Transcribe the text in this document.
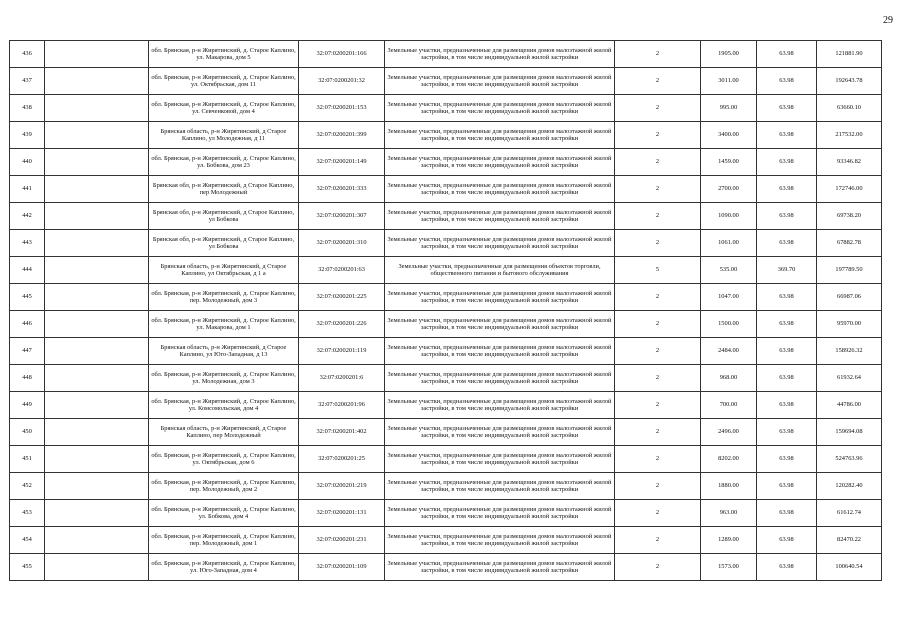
29
436		обл. Брянская, р-н Жирятинский, д. Старое Каплино, ул. Макарова, дом 5	32:07:0200201:166	Земельные участки, предназначенные для размещения домов малоэтажной жилой застройки, в том числе индивидуальной жилой застройки	2	1905.00	63.98	121881.90
437		обл. Брянская, р-н Жирятинский, д. Старое Каплино, ул. Октябрьская, дом 11	32:07:0200201:32	Земельные участки, предназначенные для размещения домов малоэтажной жилой застройки, в том числе индивидуальной жилой застройки	2	3011.00	63.98	192643.78
438		обл. Брянская, р-н Жирятинский, д. Старое Каплино, ул. Севченковой, дом 4	32:07:0200201:153	Земельные участки, предназначенные для размещения домов малоэтажной жилой застройки, в том числе индивидуальной жилой застройки	2	995.00	63.98	63660.10
439		Брянская область, р-н Жирятинский, д Старое Каплино, ул Молодежная, д 11	32:07:0200201:399	Земельные участки, предназначенные для размещения домов малоэтажной жилой застройки, в том числе индивидуальной жилой застройки	2	3400.00	63.98	217532.00
440		обл. Брянская, р-н Жирятинский, д. Старое Каплино, ул. Бобкова, дом 23	32:07:0200201:149	Земельные участки, предназначенные для размещения домов малоэтажной жилой застройки, в том числе индивидуальной жилой застройки	2	1459.00	63.98	93346.82
441		Брянская обл, р-н Жирятинский, д Старое Каплино, пер Молодежный	32:07:0200201:333	Земельные участки, предназначенные для размещения домов малоэтажной жилой застройки, в том числе индивидуальной жилой застройки	2	2700.00	63.98	172746.00
442		Брянская обл, р-н Жирятинский, д Старое Каплино, ул Бобкова	32:07:0200201:307	Земельные участки, предназначенные для размещения домов малоэтажной жилой застройки, в том числе индивидуальной жилой застройки	2	1090.00	63.98	69738.20
443		Брянская обл, р-н Жирятинский, д Старое Каплино, ул Бобкова	32:07:0200201:310	Земельные участки, предназначенные для размещения домов малоэтажной жилой застройки, в том числе индивидуальной жилой застройки	2	1061.00	63.98	67882.78
444		Брянская область, р-н Жирятинский, д Старое Каплино, ул Октябрьская, д 1 а	32:07:0200201:63	Земельные участки, предназначенные для размещения объектов торговли, общественного питания и бытового обслуживания	5	535.00	369.70	197789.50
445		обл. Брянская, р-н Жирятинский, д. Старое Каплино, пер. Молодежный, дом 3	32:07:0200201:225	Земельные участки, предназначенные для размещения домов малоэтажной жилой застройки, в том числе индивидуальной жилой застройки	2	1047.00	63.98	66987.06
446		обл. Брянская, р-н Жирятинский, д. Старое Каплино, ул. Макарова, дом 1	32:07:0200201:226	Земельные участки, предназначенные для размещения домов малоэтажной жилой застройки, в том числе индивидуальной жилой застройки	2	1500.00	63.98	95970.00
447		Брянская область, р-н Жирятинский, д Старое Каплино, ул Юго-Западная, д 13	32:07:0200201:119	Земельные участки, предназначенные для размещения домов малоэтажной жилой застройки, в том числе индивидуальной жилой застройки	2	2484.00	63.98	158926.32
448		обл. Брянская, р-н Жирятинский, д. Старое Каплино, ул. Молодежная, дом 3	32:07:0200201:6	Земельные участки, предназначенные для размещения домов малоэтажной жилой застройки, в том числе индивидуальной жилой застройки	2	968.00	63.98	61932.64
449		обл. Брянская, р-н Жирятинский, д. Старое Каплино, ул. Комсомольская, дом 4	32:07:0200201:96	Земельные участки, предназначенные для размещения домов малоэтажной жилой застройки, в том числе индивидуальной жилой застройки	2	700.00	63.98	44786.00
450		Брянская область, р-н Жирятинский, д Старое Каплино, пер Молодежный	32:07:0200201:402	Земельные участки, предназначенные для размещения домов малоэтажной жилой застройки, в том числе индивидуальной жилой застройки	2	2496.00	63.98	159694.08
451		обл. Брянская, р-н Жирятинский, д. Старое Каплино, ул. Октябрьская, дом 6	32:07:0200201:25	Земельные участки, предназначенные для размещения домов малоэтажной жилой застройки, в том числе индивидуальной жилой застройки	2	8202.00	63.98	524763.96
452		обл. Брянская, р-н Жирятинский, д. Старое Каплино, пер. Молодежный, дом 2	32:07:0200201:219	Земельные участки, предназначенные для размещения домов малоэтажной жилой застройки, в том числе индивидуальной жилой застройки	2	1880.00	63.98	120282.40
453		обл. Брянская, р-н Жирятинский, д. Старое Каплино, ул. Бобкова, дом 4	32:07:0200201:131	Земельные участки, предназначенные для размещения домов малоэтажной жилой застройки, в том числе индивидуальной жилой застройки	2	963.00	63.98	61612.74
454		обл. Брянская, р-н Жирятинский, д. Старое Каплино, пер. Молодежный, дом 1	32:07:0200201:231	Земельные участки, предназначенные для размещения домов малоэтажной жилой застройки, в том числе индивидуальной жилой застройки	2	1289.00	63.98	82470.22
455		обл. Брянская, р-н Жирятинский, д. Старое Каплино, ул. Юго-Западная, дом 4	32:07:0200201:109	Земельные участки, предназначенные для размещения домов малоэтажной жилой застройки, в том числе индивидуальной жилой застройки	2	1573.00	63.98	100640.54
